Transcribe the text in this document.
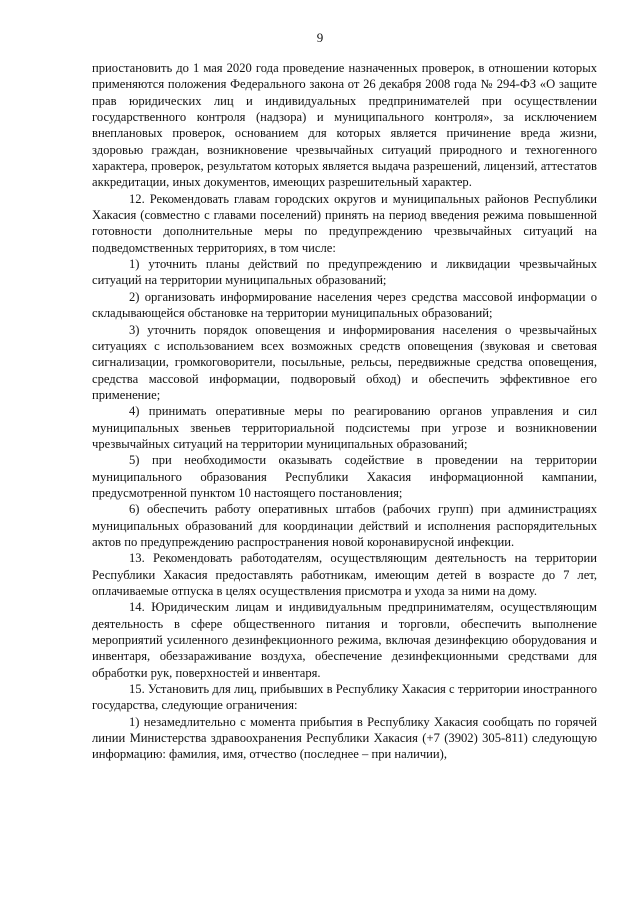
9

приостановить до 1 мая 2020 года проведение назначенных проверок, в отношении которых применяются положения Федерального закона от 26 декабря 2008 года № 294-ФЗ «О защите прав юридических лиц и индивидуальных предпринимателей при осуществлении государственного контроля (надзора) и муниципального контроля», за исключением внеплановых проверок, основанием для которых является причинение вреда жизни, здоровью граждан, возникновение чрезвычайных ситуаций природного и техногенного характера, проверок, результатом которых является выдача разрешений, лицензий, аттестатов аккредитации, иных документов, имеющих разрешительный характер.

12. Рекомендовать главам городских округов и муниципальных районов Республики Хакасия (совместно с главами поселений) принять на период введения режима повышенной готовности дополнительные меры по предупреждению чрезвычайных ситуаций на подведомственных территориях, в том числе:

1) уточнить планы действий по предупреждению и ликвидации чрезвычайных ситуаций на территории муниципальных образований;

2) организовать информирование населения через средства массовой информации о складывающейся обстановке на территории муниципальных образований;

3) уточнить порядок оповещения и информирования населения о чрезвычайных ситуациях с использованием всех возможных средств оповещения (звуковая и световая сигнализации, громкоговорители, посыльные, рельсы, передвижные средства оповещения, средства массовой информации, подворовый обход) и обеспечить эффективное его применение;

4) принимать оперативные меры по реагированию органов управления и сил муниципальных звеньев территориальной подсистемы при угрозе и возникновении чрезвычайных ситуаций на территории муниципальных образований;

5) при необходимости оказывать содействие в проведении на территории муниципального образования Республики Хакасия информационной кампании, предусмотренной пунктом 10 настоящего постановления;

6) обеспечить работу оперативных штабов (рабочих групп) при администрациях муниципальных образований для координации действий и исполнения распорядительных актов по предупреждению распространения новой коронавирусной инфекции.

13. Рекомендовать работодателям, осуществляющим деятельность на территории Республики Хакасия предоставлять работникам, имеющим детей в возрасте до 7 лет, оплачиваемые отпуска в целях осуществления присмотра и ухода за ними на дому.

14. Юридическим лицам и индивидуальным предпринимателям, осуществляющим деятельность в сфере общественного питания и торговли, обеспечить выполнение мероприятий усиленного дезинфекционного режима, включая дезинфекцию оборудования и инвентаря, обеззараживание воздуха, обеспечение дезинфекционными средствами для обработки рук, поверхностей и инвентаря.

15. Установить для лиц, прибывших в Республику Хакасия с территории иностранного государства, следующие ограничения:

1) незамедлительно с момента прибытия в Республику Хакасия сообщать по горячей линии Министерства здравоохранения Республики Хакасия (+7 (3902) 305-811) следующую информацию: фамилия, имя, отчество (последнее – при наличии),
